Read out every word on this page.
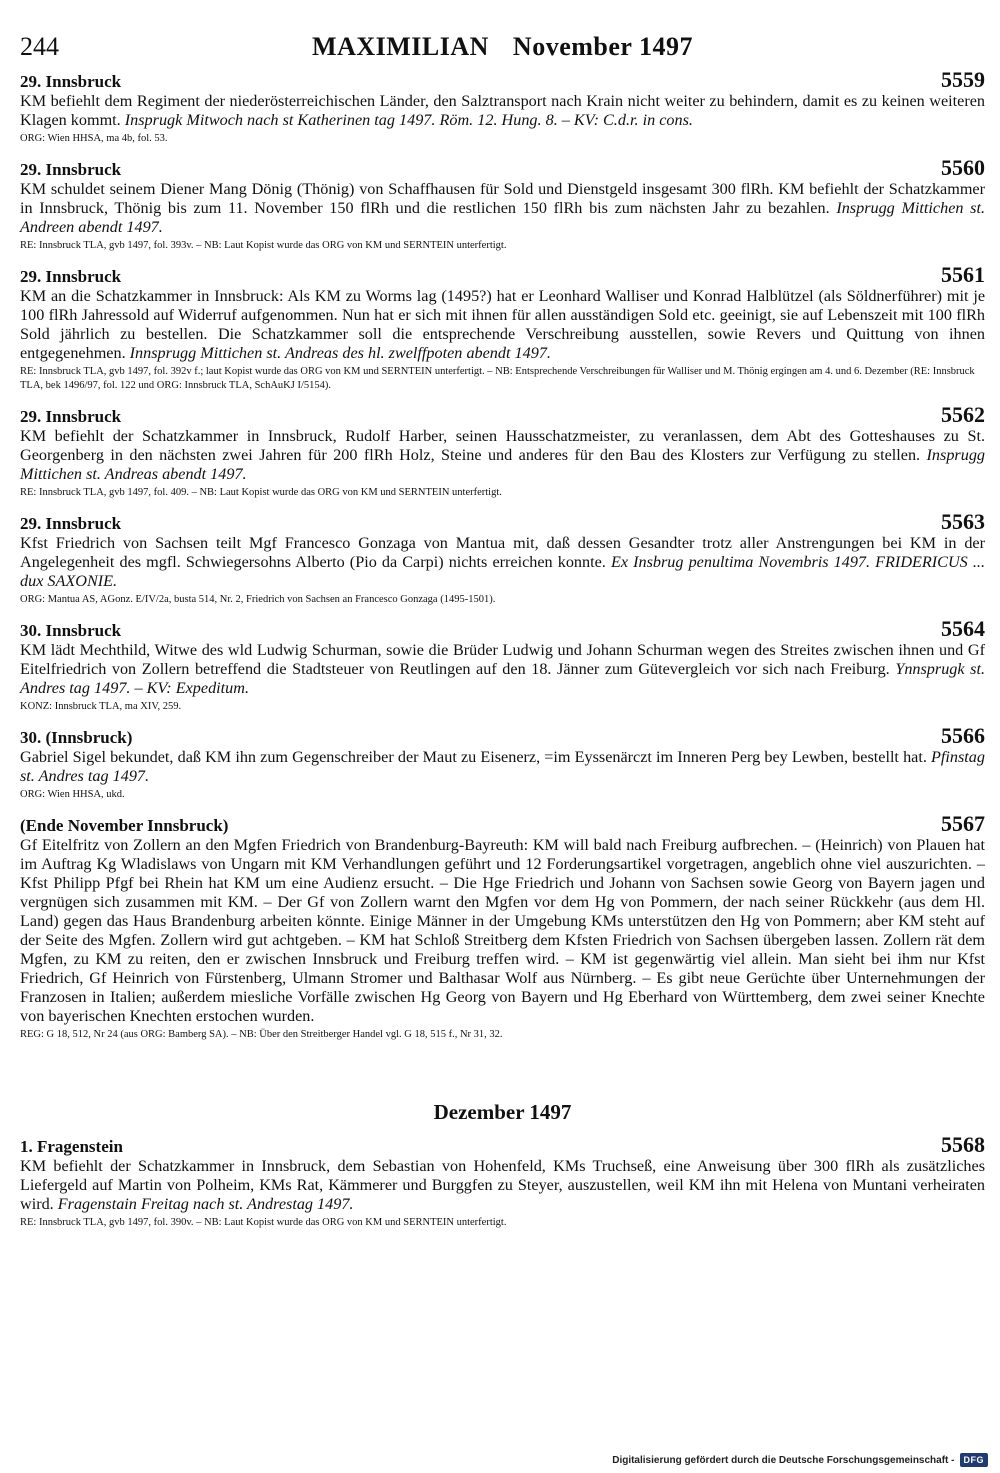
244	MAXIMILIAN November 1497
29. Innsbruck	5559
KM befiehlt dem Regiment der niederösterreichischen Länder, den Salztransport nach Krain nicht weiter zu behindern, damit es zu keinen weiteren Klagen kommt. Insprugk Mitwoch nach st Katherinen tag 1497. Röm. 12. Hung. 8. – KV: C.d.r. in cons.
ORG: Wien HHSA, ma 4b, fol. 53.
29. Innsbruck	5560
KM schuldet seinem Diener Mang Dönig (Thönig) von Schaffhausen für Sold und Dienstgeld insgesamt 300 flRh. KM befiehlt der Schatzkammer in Innsbruck, Thönig bis zum 11. November 150 flRh und die restlichen 150 flRh bis zum nächsten Jahr zu bezahlen. Insprugg Mittichen st. Andreen abendt 1497.
RE: Innsbruck TLA, gvb 1497, fol. 393v. – NB: Laut Kopist wurde das ORG von KM und SERNTEIN unterfertigt.
29. Innsbruck	5561
KM an die Schatzkammer in Innsbruck: Als KM zu Worms lag (1495?) hat er Leonhard Walliser und Konrad Halblützel (als Söldnerführer) mit je 100 flRh Jahressold auf Widerruf aufgenommen. Nun hat er sich mit ihnen für allen ausständigen Sold etc. geeinigt, sie auf Lebenszeit mit 100 flRh Sold jährlich zu bestellen. Die Schatzkammer soll die entsprechende Verschreibung ausstellen, sowie Revers und Quittung von ihnen entgegenehmen. Innsprugg Mittichen st. Andreas des hl. zwelffpoten abendt 1497.
RE: Innsbruck TLA, gvb 1497, fol. 392v f.; laut Kopist wurde das ORG von KM und SERNTEIN unterfertigt. – NB: Entsprechende Verschreibungen für Walliser und M. Thönig ergingen am 4. und 6. Dezember (RE: Innsbruck TLA, bek 1496/97, fol. 122 und ORG: Innsbruck TLA, SchAuKJ I/5154).
29. Innsbruck	5562
KM befiehlt der Schatzkammer in Innsbruck, Rudolf Harber, seinen Hausschatzmeister, zu veranlassen, dem Abt des Gotteshauses zu St. Georgenberg in den nächsten zwei Jahren für 200 flRh Holz, Steine und anderes für den Bau des Klosters zur Verfügung zu stellen. Insprugg Mittichen st. Andreas abendt 1497.
RE: Innsbruck TLA, gvb 1497, fol. 409. – NB: Laut Kopist wurde das ORG von KM und SERNTEIN unterfertigt.
29. Innsbruck	5563
Kfst Friedrich von Sachsen teilt Mgf Francesco Gonzaga von Mantua mit, daß dessen Gesandter trotz aller Anstrengungen bei KM in der Angelegenheit des mgfl. Schwiegersohns Alberto (Pio da Carpi) nichts erreichen konnte. Ex Insbrug penultima Novembris 1497. FRIDERICUS ... dux SAXONIE.
ORG: Mantua AS, AGonz. E/IV/2a, busta 514, Nr. 2, Friedrich von Sachsen an Francesco Gonzaga (1495-1501).
30. Innsbruck	5564
KM lädt Mechthild, Witwe des wld Ludwig Schurman, sowie die Brüder Ludwig und Johann Schurman wegen des Streites zwischen ihnen und Gf Eitelfriedrich von Zollern betreffend die Stadtsteuer von Reutlingen auf den 18. Jänner zum Gütevergleich vor sich nach Freiburg. Ynnsprugk st. Andres tag 1497. – KV: Expeditum.
KONZ: Innsbruck TLA, ma XIV, 259.
30. (Innsbruck)	5566
Gabriel Sigel bekundet, daß KM ihn zum Gegenschreiber der Maut zu Eisenerz, =im Eyssenärczt im Inneren Perg bey Lewben, bestellt hat. Pfinstag st. Andres tag 1497.
ORG: Wien HHSA, ukd.
(Ende November Innsbruck)	5567
Gf Eitelfritz von Zollern an den Mgfen Friedrich von Brandenburg-Bayreuth: KM will bald nach Freiburg aufbrechen. – (Heinrich) von Plauen hat im Auftrag Kg Wladislaws von Ungarn mit KM Verhandlungen geführt und 12 Forderungsartikel vorgetragen, angeblich ohne viel auszurichten. – Kfst Philipp Pfgf bei Rhein hat KM um eine Audienz ersucht. – Die Hge Friedrich und Johann von Sachsen sowie Georg von Bayern jagen und vergnügen sich zusammen mit KM. – Der Gf von Zollern warnt den Mgfen vor dem Hg von Pommern, der nach seiner Rückkehr (aus dem Hl. Land) gegen das Haus Brandenburg arbeiten könnte. Einige Männer in der Umgebung KMs unterstützen den Hg von Pommern; aber KM steht auf der Seite des Mgfen. Zollern wird gut achtgeben. – KM hat Schloß Streitberg dem Kfsten Friedrich von Sachsen übergeben lassen. Zollern rät dem Mgfen, zu KM zu reiten, den er zwischen Innsbruck und Freiburg treffen wird. – KM ist gegenwärtig viel allein. Man sieht bei ihm nur Kfst Friedrich, Gf Heinrich von Fürstenberg, Ulmann Stromer und Balthasar Wolf aus Nürnberg. – Es gibt neue Gerüchte über Unternehmungen der Franzosen in Italien; außerdem miesliche Vorfälle zwischen Hg Georg von Bayern und Hg Eberhard von Württemberg, dem zwei seiner Knechte von bayerischen Knechten erstochen wurden.
REG: G 18, 512, Nr 24 (aus ORG: Bamberg SA). – NB: Über den Streitberger Handel vgl. G 18, 515 f., Nr 31, 32.
Dezember 1497
1. Fragenstein	5568
KM befiehlt der Schatzkammer in Innsbruck, dem Sebastian von Hohenfeld, KMs Truchseß, eine Anweisung über 300 flRh als zusätzliches Liefergeld auf Martin von Polheim, KMs Rat, Kämmerer und Burggfen zu Steyer, auszustellen, weil KM ihn mit Helena von Muntani verheiraten wird. Fragenstain Freitag nach st. Andrestag 1497.
RE: Innsbruck TLA, gvb 1497, fol. 390v. – NB: Laut Kopist wurde das ORG von KM und SERNTEIN unterfertigt.
Digitalisierung gefördert durch die Deutsche Forschungsgemeinschaft -	DFG
